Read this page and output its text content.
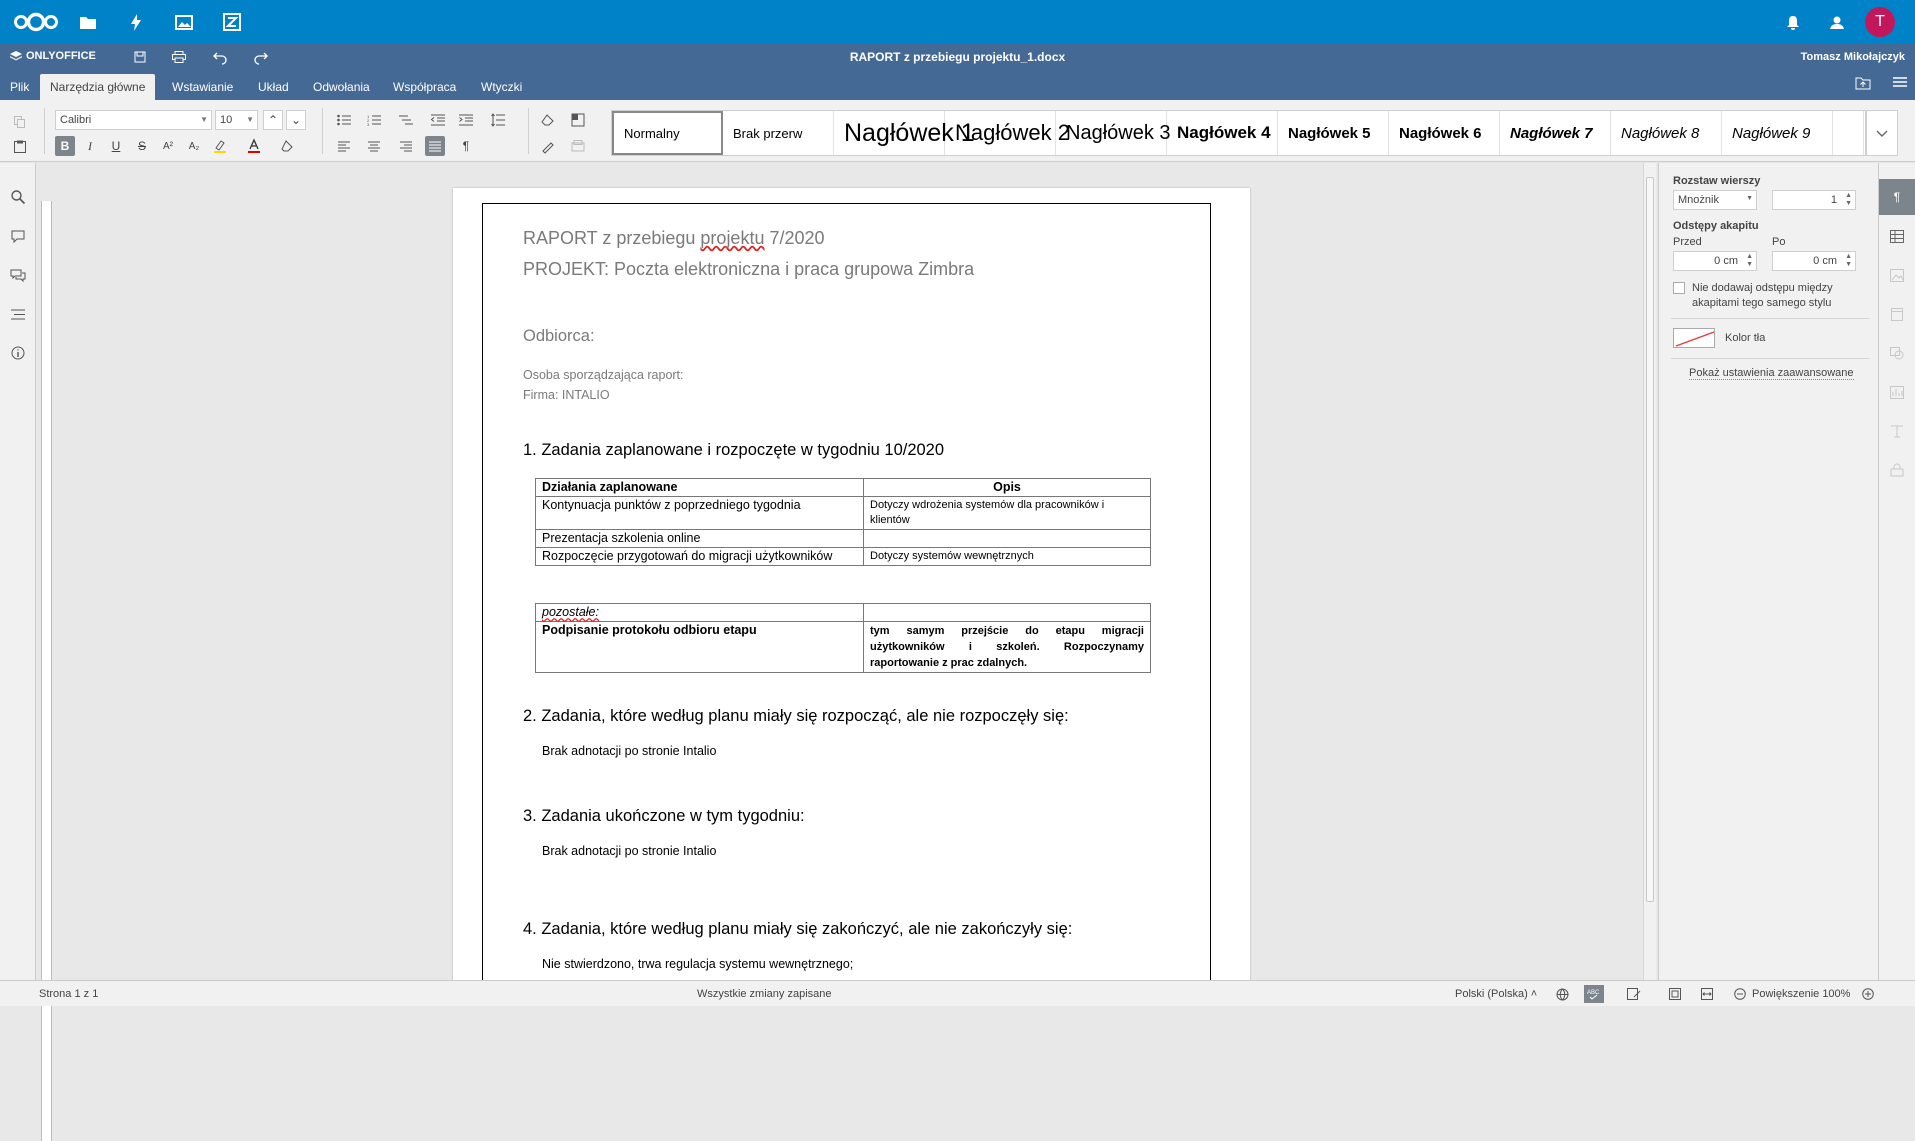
T
ONLYOFFICE	RAPORT z przebiegu projektu_1.docx	Tomasz Mikołajczyk
Plik	Narzędzia główne	Wstawianie	Układ	Odwołania	Współpraca	Wtyczki
Calibri	▼	10 ▼	⌃	⌄
B	I	U	S	A²	A₂
1
2
3
¶
Normalny	Brak przerw	Nagłówek 1
Nagłówek 2
Nagłówek 3 Nagłówek 4	Nagłówek 5	Nagłówek 6	Nagłówek 7	Nagłówek 8	Nagłówek 9
RAPORT z przebiegu projektu 7/2020
PROJEKT: Poczta elektroniczna i praca grupowa Zimbra
Odbiorca:
Osoba sporządzająca raport:
Firma: INTALIO
1. Zadania zaplanowane i rozpoczęte w tygodniu 10/2020
Działania zaplanowane	Opis
Kontynuacja punktów z poprzedniego tygodnia	Dotyczy wdrożenia systemów dla pracowników i klientów
Prezentacja szkolenia online	
Rozpoczęcie przygotowań do migracji użytkowników	Dotyczy systemów wewnętrznych
pozostałe:	
Podpisanie protokołu odbioru etapu	tym samym przejście do etapu migracji użytkowników i szkoleń. Rozpoczynamy raportowanie z prac zdalnych.
2. Zadania, które według planu miały się rozpocząć, ale nie rozpoczęły się:
Brak adnotacji po stronie Intalio
3. Zadania ukończone w tym tygodniu:
Brak adnotacji po stronie Intalio
4. Zadania, które według planu miały się zakończyć, ale nie zakończyły się:
Nie stwierdzono, trwa regulacja systemu wewnętrznego;
Rozstaw wierszy
Mnożnik	▼	1 ▲
▼
Odstępy akapitu
Przed	Po
0 cm ▲
▼	0 cm ▲
▼
Nie dodawaj odstępu między akapitami tego samego stylu
Kolor tła
Pokaż ustawienia zaawansowane
¶
Strona 1 z 1	Wszystkie zmiany zapisane	Polski (Polska) ˄	ABC	Powiększenie 100%
